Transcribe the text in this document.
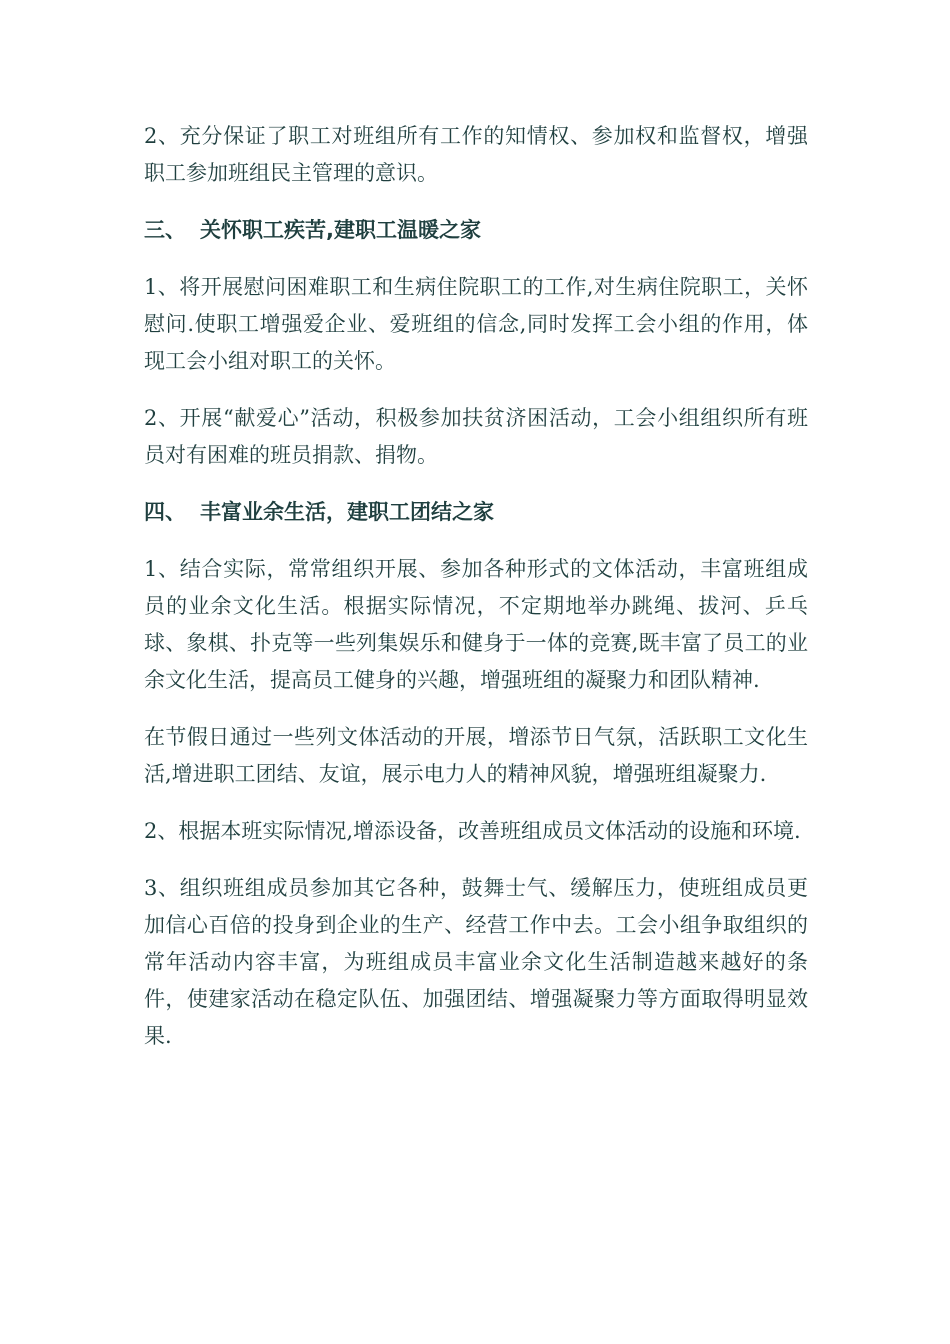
2、充分保证了职工对班组所有工作的知情权、参加权和监督权，增强职工参加班组民主管理的意识。

三、 关怀职工疾苦,建职工温暖之家

1、将开展慰问困难职工和生病住院职工的工作,对生病住院职工，关怀慰问.使职工增强爱企业、爱班组的信念,同时发挥工会小组的作用，体现工会小组对职工的关怀。

2、开展“献爱心”活动，积极参加扶贫济困活动，工会小组组织所有班员对有困难的班员捐款、捐物。

四、 丰富业余生活，建职工团结之家

1、结合实际，常常组织开展、参加各种形式的文体活动，丰富班组成员的业余文化生活。根据实际情况，不定期地举办跳绳、拔河、乒乓球、象棋、扑克等一些列集娱乐和健身于一体的竞赛,既丰富了员工的业余文化生活，提高员工健身的兴趣，增强班组的凝聚力和团队精神.

在节假日通过一些列文体活动的开展，增添节日气氛，活跃职工文化生活,增进职工团结、友谊，展示电力人的精神风貌，增强班组凝聚力.

2、根据本班实际情况,增添设备，改善班组成员文体活动的设施和环境.

3、组织班组成员参加其它各种，鼓舞士气、缓解压力，使班组成员更加信心百倍的投身到企业的生产、经营工作中去。工会小组争取组织的常年活动内容丰富，为班组成员丰富业余文化生活制造越来越好的条件，使建家活动在稳定队伍、加强团结、增强凝聚力等方面取得明显效果.
